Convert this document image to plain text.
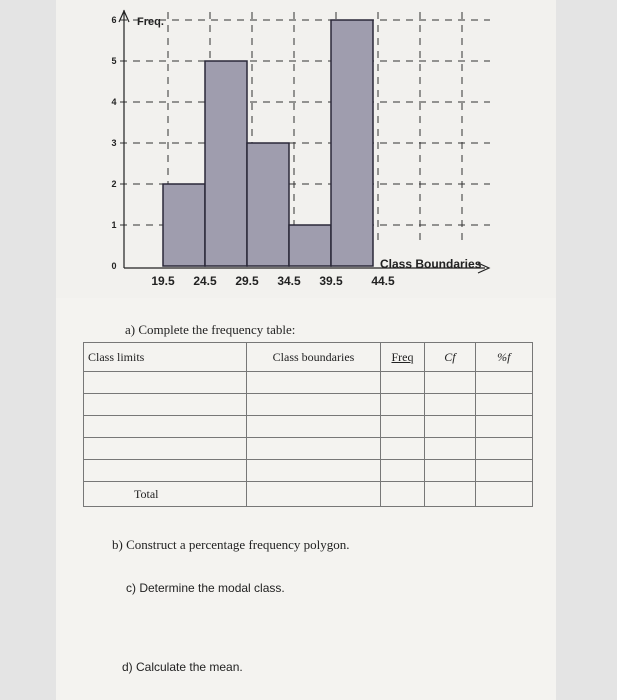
0
1
2
3
4
5
6 Freq.
19.5 24.5 29.5 34.5 39.5 44.5
Class Boundaries
a) Complete the frequency table:
Class limits	Class boundaries	Freq	Cf	%f

Total				
b) Construct a percentage frequency polygon.
c) Determine the modal class.
d) Calculate the mean.
